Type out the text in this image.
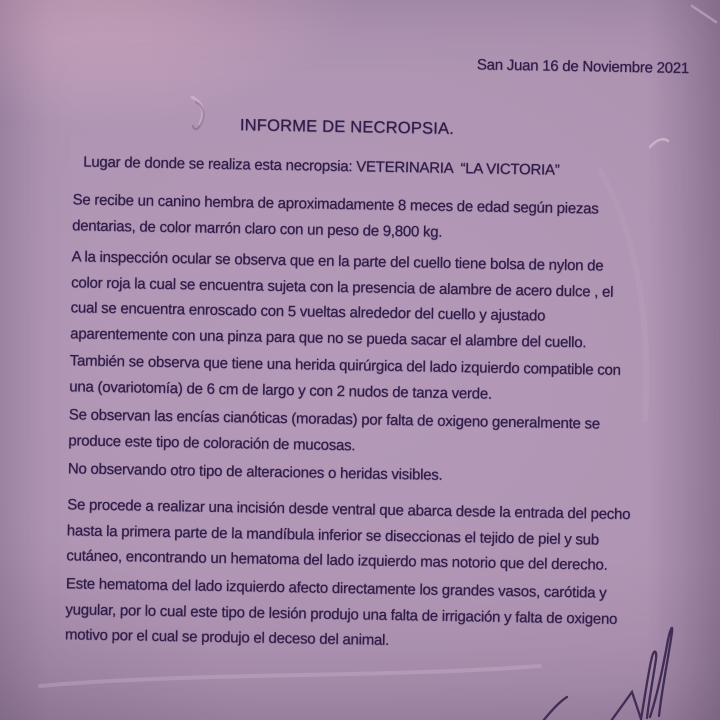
San Juan 16 de Noviembre 2021
INFORME DE NECROPSIA.
Lugar de donde se realiza esta necropsia: VETERINARIA  “LA VICTORIA”
Se recibe un canino hembra de aproximadamente 8 meces de edad según piezas
dentarias, de color marrón claro con un peso de 9,800 kg.
A la inspección ocular se observa que en la parte del cuello tiene bolsa de nylon de
color roja la cual se encuentra sujeta con la presencia de alambre de acero dulce , el
cual se encuentra enroscado con 5 vueltas alrededor del cuello y ajustado
aparentemente con una pinza para que no se pueda sacar el alambre del cuello.
También se observa que tiene una herida quirúrgica del lado izquierdo compatible con
una (ovariotomía) de 6 cm de largo y con 2 nudos de tanza verde.
Se observan las encías cianóticas (moradas) por falta de oxigeno generalmente se
produce este tipo de coloración de mucosas.
No observando otro tipo de alteraciones o heridas visibles.
Se procede a realizar una incisión desde ventral que abarca desde la entrada del pecho
hasta la primera parte de la mandíbula inferior se diseccionas el tejido de piel y sub
cutáneo, encontrando un hematoma del lado izquierdo mas notorio que del derecho.
Este hematoma del lado izquierdo afecto directamente los grandes vasos, carótida y
yugular, por lo cual este tipo de lesión produjo una falta de irrigación y falta de oxigeno
motivo por el cual se produjo el deceso del animal.
